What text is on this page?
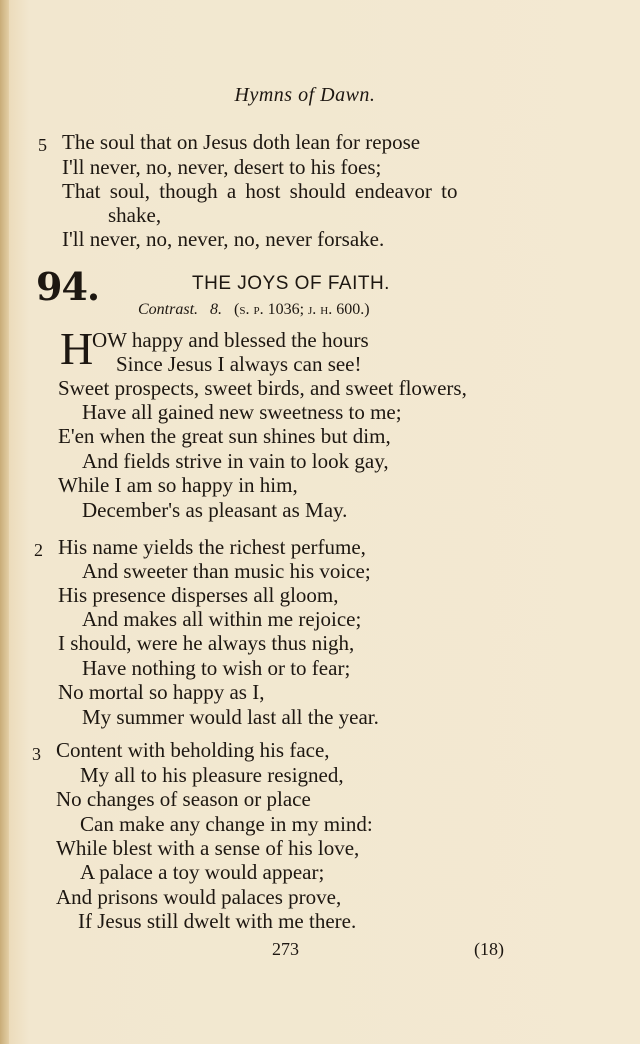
Hymns of Dawn.
5 The soul that on Jesus doth lean for repose
I'll never, no, never, desert to his foes;
That soul, though a host should endeavor to
shake,
I'll never, no, never, no, never forsake.
94.	THE JOYS OF FAITH.
Contrast. 8. (s. p. 1036; j. h. 600.)
H
OW happy and blessed the hours
Since Jesus I always can see!
Sweet prospects, sweet birds, and sweet flowers,
Have all gained new sweetness to me;
E'en when the great sun shines but dim,
And fields strive in vain to look gay,
While I am so happy in him,
December's as pleasant as May.
2 His name yields the richest perfume,
And sweeter than music his voice;
His presence disperses all gloom,
And makes all within me rejoice;
I should, were he always thus nigh,
Have nothing to wish or to fear;
No mortal so happy as I,
My summer would last all the year.
3 Content with beholding his face,
My all to his pleasure resigned,
No changes of season or place
Can make any change in my mind:
While blest with a sense of his love,
A palace a toy would appear;
And prisons would palaces prove,
If Jesus still dwelt with me there.
273	(18)
